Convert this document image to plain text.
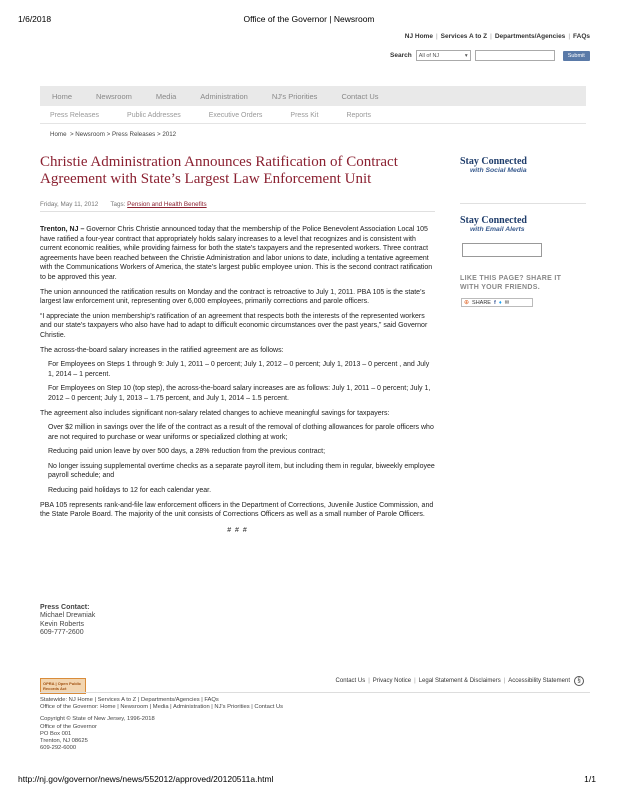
1/6/2018	Office of the Governor | Newsroom
NJ Home | Services A to Z | Departments/Agencies | FAQs
Search All of NJ	▾	Submit
Home	Newsroom	Media	Administration	NJ's Priorities	Contact Us
Press Releases	Public Addresses	Executive Orders	Press Kit	Reports
Home  > Newsroom > Press Releases > 2012
Christie Administration Announces Ratification of Contract Agreement with State’s Largest Law Enforcement Unit
Friday, May 11, 2012 Tags: Pension and Health Benefits

Trenton, NJ – Governor Chris Christie announced today that the membership of the Police Benevolent Association Local 105 have ratified a four-year contract that appropriately holds salary increases to a level that recognizes and is consistent with current economic realities, while providing fairness for both the state’s taxpayers and the represented workers. Three contract agreements have been reached between the Christie Administration and labor unions to date, including a tentative agreement with the Communications Workers of America, the state’s largest public employee union. This is the second contract ratification to be approved this year.

The union announced the ratification results on Monday and the contract is retroactive to July 1, 2011. PBA 105 is the state’s largest law enforcement unit, representing over 6,000 employees, primarily corrections and parole officers.

“I appreciate the union membership’s ratification of an agreement that respects both the interests of the represented workers and our state’s taxpayers who also have had to adapt to difficult economic circumstances over the past years,” said Governor Christie.

The across-the-board salary increases in the ratified agreement are as follows:

For Employees on Steps 1 through 9: July 1, 2011 – 0 percent; July 1, 2012 – 0 percent; July 1, 2013 – 0 percent , and July 1, 2014 – 1 percent.

For Employees on Step 10 (top step), the across-the-board salary increases are as follows: July 1, 2011 – 0 percent; July 1, 2012 – 0 percent; July 1, 2013 – 1.75 percent, and July 1, 2014 – 1.5 percent.

The agreement also includes significant non-salary related changes to achieve meaningful savings for taxpayers:

Over $2 million in savings over the life of the contract as a result of the removal of clothing allowances for parole officers who are not required to purchase or wear uniforms or specialized clothing at work;

Reducing paid union leave by over 500 days, a 28% reduction from the previous contract;

No longer issuing supplemental overtime checks as a separate payroll item, but including them in regular, biweekly employee payroll schedule; and

Reducing paid holidays to 12 for each calendar year.

PBA 105 represents rank-and-file law enforcement officers in the Department of Corrections, Juvenile Justice Commission, and the State Parole Board. The majority of the unit consists of Corrections Officers as well as a small number of Parole Officers.

# # #

Stay Connected
with Social Media
Stay Connected
with Email Alerts
LIKE THIS PAGE? SHARE IT WITH YOUR FRIENDS.
⊕ SHARE f ♦ ✉
Press Contact:
Michael Drewniak
Kevin Roberts
609-777-2600
OPRA | Open Public Records Act
Contact Us | Privacy Notice | Legal Statement & Disclaimers | Accessibility Statement	§
Statewide: NJ Home | Services A to Z | Departments/Agencies | FAQs
Office of the Governor: Home | Newsroom | Media | Administration | NJ's Priorities | Contact Us
Copyright © State of New Jersey, 1996-2018
Office of the Governor
PO Box 001
Trenton, NJ 08625
609-292-6000
http://nj.gov/governor/news/news/552012/approved/20120511a.html	1/1
